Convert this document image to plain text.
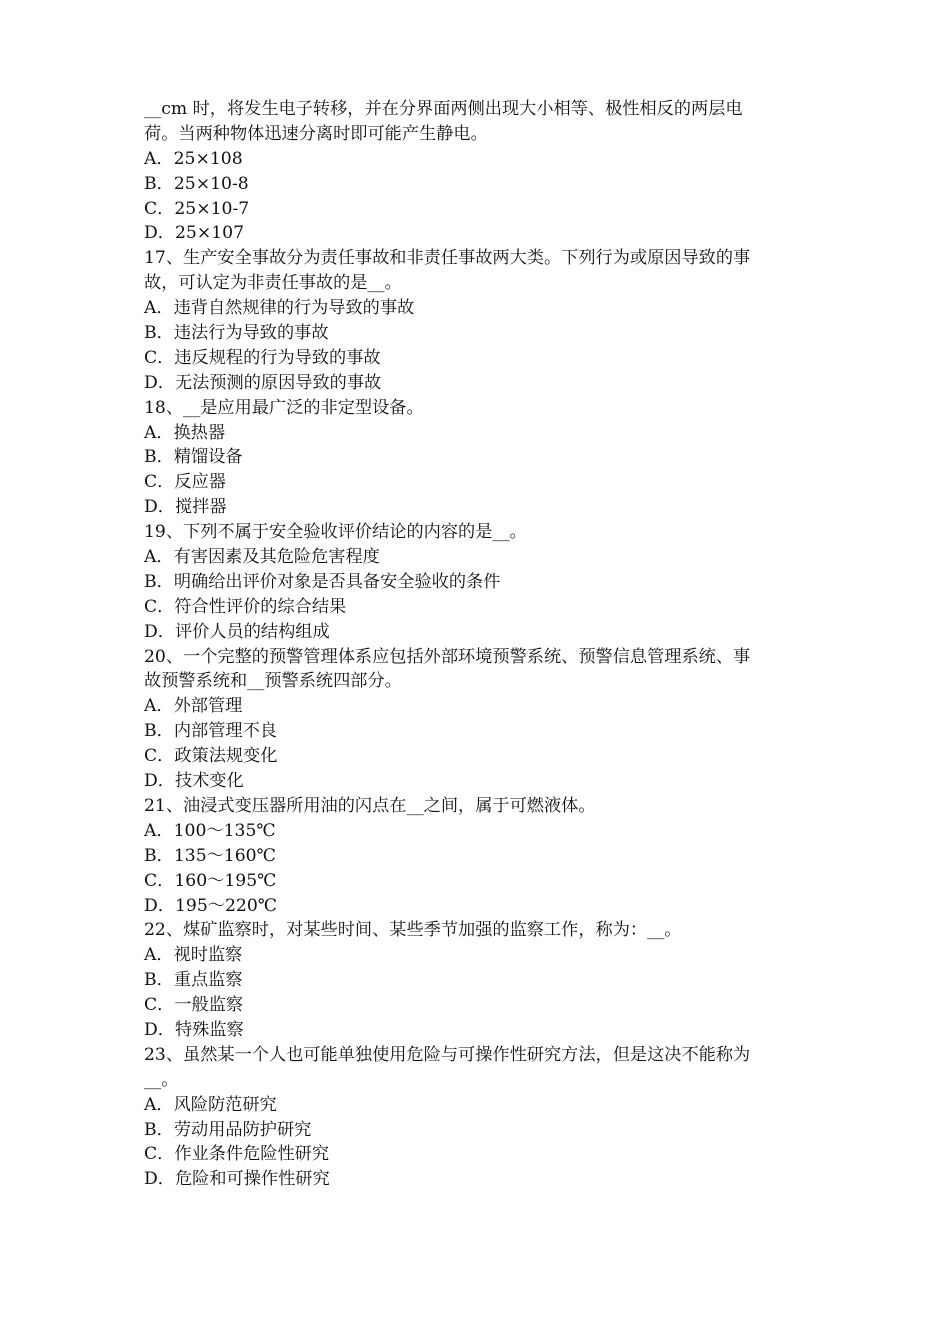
__cm 时，将发生电子转移，并在分界面两侧出现大小相等、极性相反的两层电
荷。当两种物体迅速分离时即可能产生静电。
A．25×108
B．25×10-8
C．25×10-7
D．25×107
17、生产安全事故分为责任事故和非责任事故两大类。下列行为或原因导致的事
故，可认定为非责任事故的是__。
A．违背自然规律的行为导致的事故
B．违法行为导致的事故
C．违反规程的行为导致的事故
D．无法预测的原因导致的事故
18、__是应用最广泛的非定型设备。
A．换热器
B．精馏设备
C．反应器
D．搅拌器
19、下列不属于安全验收评价结论的内容的是__。
A．有害因素及其危险危害程度
B．明确给出评价对象是否具备安全验收的条件
C．符合性评价的综合结果
D．评价人员的结构组成
20、一个完整的预警管理体系应包括外部环境预警系统、预警信息管理系统、事
故预警系统和__预警系统四部分。
A．外部管理
B．内部管理不良
C．政策法规变化
D．技术变化
21、油浸式变压器所用油的闪点在__之间，属于可燃液体。
A．100～135℃
B．135～160℃
C．160～195℃
D．195～220℃
22、煤矿监察时，对某些时间、某些季节加强的监察工作，称为：__。
A．视时监察
B．重点监察
C．一般监察
D．特殊监察
23、虽然某一个人也可能单独使用危险与可操作性研究方法，但是这决不能称为
__。
A．风险防范研究
B．劳动用品防护研究
C．作业条件危险性研究
D．危险和可操作性研究
